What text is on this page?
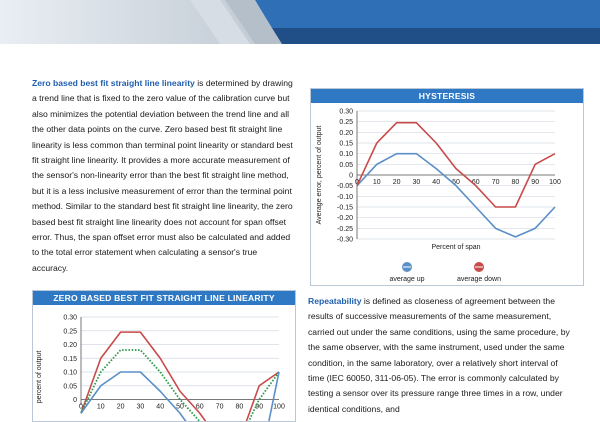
Zero based best fit straight line linearity is determined by drawing a trend line that is fixed to the zero value of the calibration curve but also minimizes the potential deviation between the trend line and all the other data points on the curve. Zero based best fit straight line linearity is less common than terminal point linearity or standard best fit straight line linearity. It provides a more accurate measurement of the sensor's non-linearity error than the best fit straight line method, but it is a less inclusive measurement of error than the terminal point method. Similar to the standard best fit straight line linearity, the zero based best fit straight line linearity does not account for span offset error. Thus, the span offset error must also be calculated and added to the total error statement when calculating a sensor's true accuracy.

HYSTERESIS
0.30
0.25
0.20
0.15
0.10
0.05
0
-0.05
-0.10
-0.15
-0.20
-0.25
-0.30
0 10 20 30 40 50 60 70 80 90 100
Percent of span
Average error, percent of output
average up	average down
ZERO BASED BEST FIT STRAIGHT LINE LINEARITY
0.30
0.25
0.20
0.15
0.10
0.05
0
0 10 20 30 40 50 60 70 80 90 100
percent of output

Repeatability is defined as closeness of agreement between the results of successive measurements of the same measurement, carried out under the same conditions, using the same procedure, by the same observer, with the same instrument, used under the same condition, in the same laboratory, over a relatively short interval of time (IEC 60050, 311-06-05). The error is commonly calculated by testing a sensor over its pressure range three times in a row, under identical conditions, and
